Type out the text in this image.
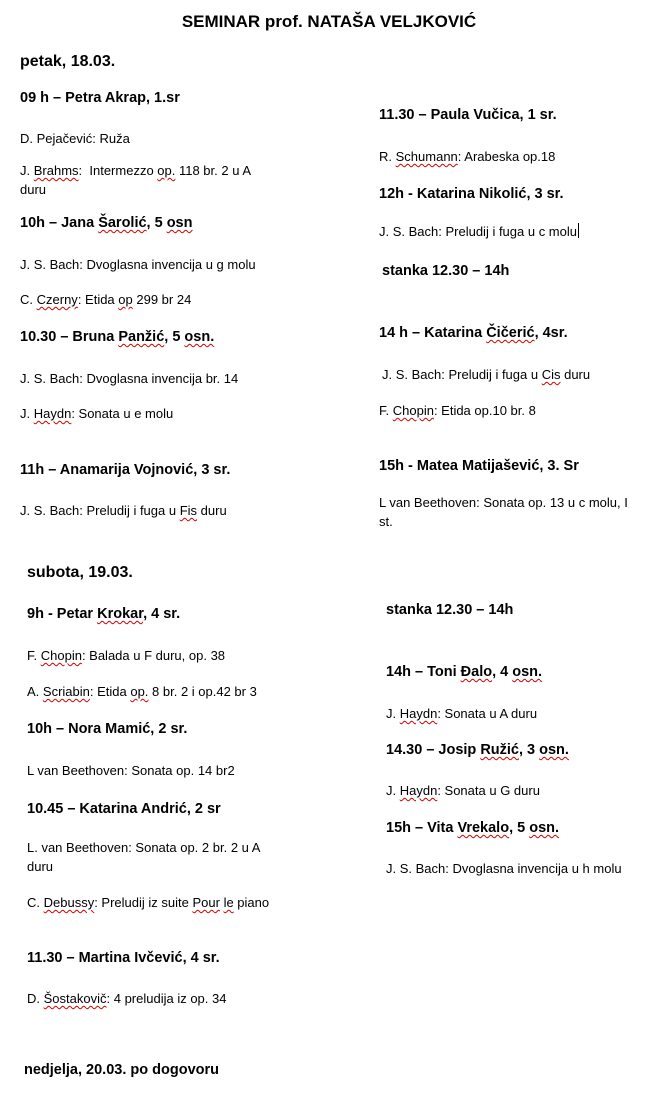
SEMINAR prof. NATAŠA VELJKOVIĆ
petak, 18.03.
09 h – Petra Akrap, 1.sr
D. Pejačević: Ruža
J. Brahms:  Intermezzo op. 118 br. 2 u A
duru
10h – Jana Šarolić, 5 osn
J. S. Bach: Dvoglasna invencija u g molu
C. Czerny: Etida op 299 br 24
10.30 – Bruna Panžić, 5 osn.
J. S. Bach: Dvoglasna invencija br. 14
J. Haydn: Sonata u e molu
11h – Anamarija Vojnović, 3 sr.
J. S. Bach: Preludij i fuga u Fis duru
11.30 – Paula Vučica, 1 sr.
R. Schumann: Arabeska op.18
12h - Katarina Nikolić, 3 sr.
J. S. Bach: Preludij i fuga u c molu
stanka 12.30 – 14h
14 h – Katarina Čičerić, 4sr.
J. S. Bach: Preludij i fuga u Cis duru
F. Chopin: Etida op.10 br. 8
15h - Matea Matijašević, 3. Sr
L van Beethoven: Sonata op. 13 u c molu, I st.
subota, 19.03.
9h - Petar Krokar, 4 sr.
F. Chopin: Balada u F duru, op. 38
A. Scriabin: Etida op. 8 br. 2 i op.42 br 3
10h – Nora Mamić, 2 sr.
L van Beethoven: Sonata op. 14 br2
10.45 – Katarina Andrić, 2 sr
L. van Beethoven: Sonata op. 2 br. 2 u A duru
C. Debussy: Preludij iz suite Pour le piano
11.30 – Martina Ivčević, 4 sr.
D. Šostakovič: 4 preludija iz op. 34
stanka 12.30 – 14h
14h – Toni Đalo, 4 osn.
J. Haydn: Sonata u A duru
14.30 – Josip Ružić, 3 osn.
J. Haydn: Sonata u G duru
15h – Vita Vrekalo, 5 osn.
J. S. Bach: Dvoglasna invencija u h molu
nedjelja, 20.03. po dogovoru
